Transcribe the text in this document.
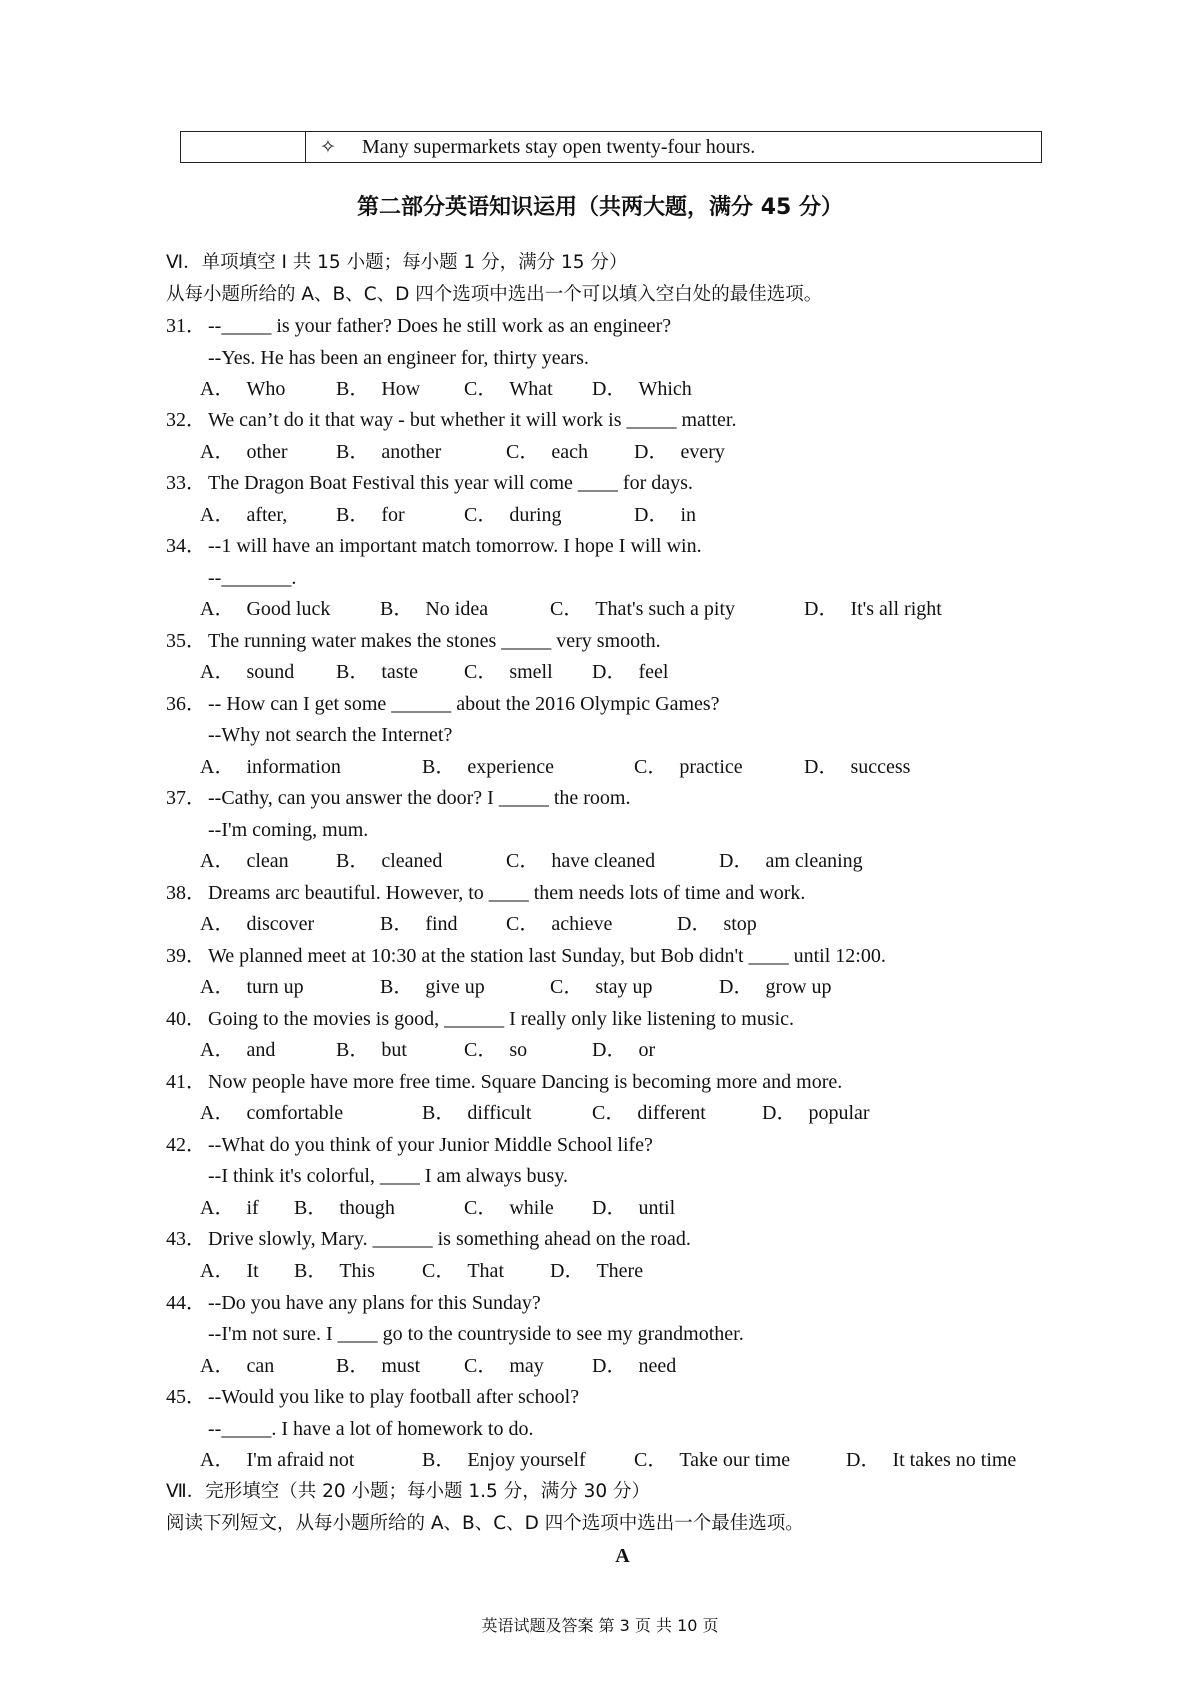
✧	Many supermarkets stay open twenty-four hours.
第二部分英语知识运用（共两大题，满分 45 分）
Ⅵ．单项填空 I 共 15 小题；每小题 1 分，满分 15 分）
从每小题所给的 A、B、C、D 四个选项中选出一个可以填入空白处的最佳选项。
31． --_____ is your father? Does he still work as an engineer?
--Yes. He has been an engineer for, thirty years.
A． Who	B． How C． What D． Which
32． We can’t do it that way - but whether it will work is _____ matter.
A． other B． another	C． each D． every
33． The Dragon Boat Festival this year will come ____ for days.
A． after, B． for	C． during	D． in
34． --1 will have an important match tomorrow. I hope I will win.
--_______.
A． Good luck B． No idea	C． That's such a pity	D． It's all right
35． The running water makes the stones _____ very smooth.
A． sound B． taste C． smell D． feel
36． -- How can I get some ______ about the 2016 Olympic Games?
--Why not search the Internet?
A． information	B． experience	C． practice	D． success
37． --Cathy, can you answer the door? I _____ the room.
--I'm coming, mum.
A． clean B． cleaned	C． have cleaned	D． am cleaning
38． Dreams arc beautiful. However, to ____ them needs lots of time and work.
A． discover	B． find C． achieve	D． stop
39． We planned meet at 10:30 at the station last Sunday, but Bob didn't ____ until 12:00.
A． turn up	B． give up	C． stay up	D． grow up
40． Going to the movies is good, ______ I really only like listening to music.
A． and	B． but	C． so	D． or
41． Now people have more free time. Square Dancing is becoming more and more.
A． comfortable	B． difficult	C． different	D． popular
42． --What do you think of your Junior Middle School life?
--I think it's colorful, ____ I am always busy.
A． if B． though	C． while D． until
43． Drive slowly, Mary. ______ is something ahead on the road.
A． It B． This C． That D． There
44． --Do you have any plans for this Sunday?
--I'm not sure. I ____ go to the countryside to see my grandmother.
A． can	B． must C． may D． need
45． --Would you like to play football after school?
--_____. I have a lot of homework to do.
A． I'm afraid not	B． Enjoy yourself C． Take our time	D． It takes no time
Ⅶ．完形填空（共 20 小题；每小题 1.5 分，满分 30 分）
阅读下列短文，从每小题所给的 A、B、C、D 四个选项中选出一个最佳选项。
A
英语试题及答案 第 3 页 共 10 页
